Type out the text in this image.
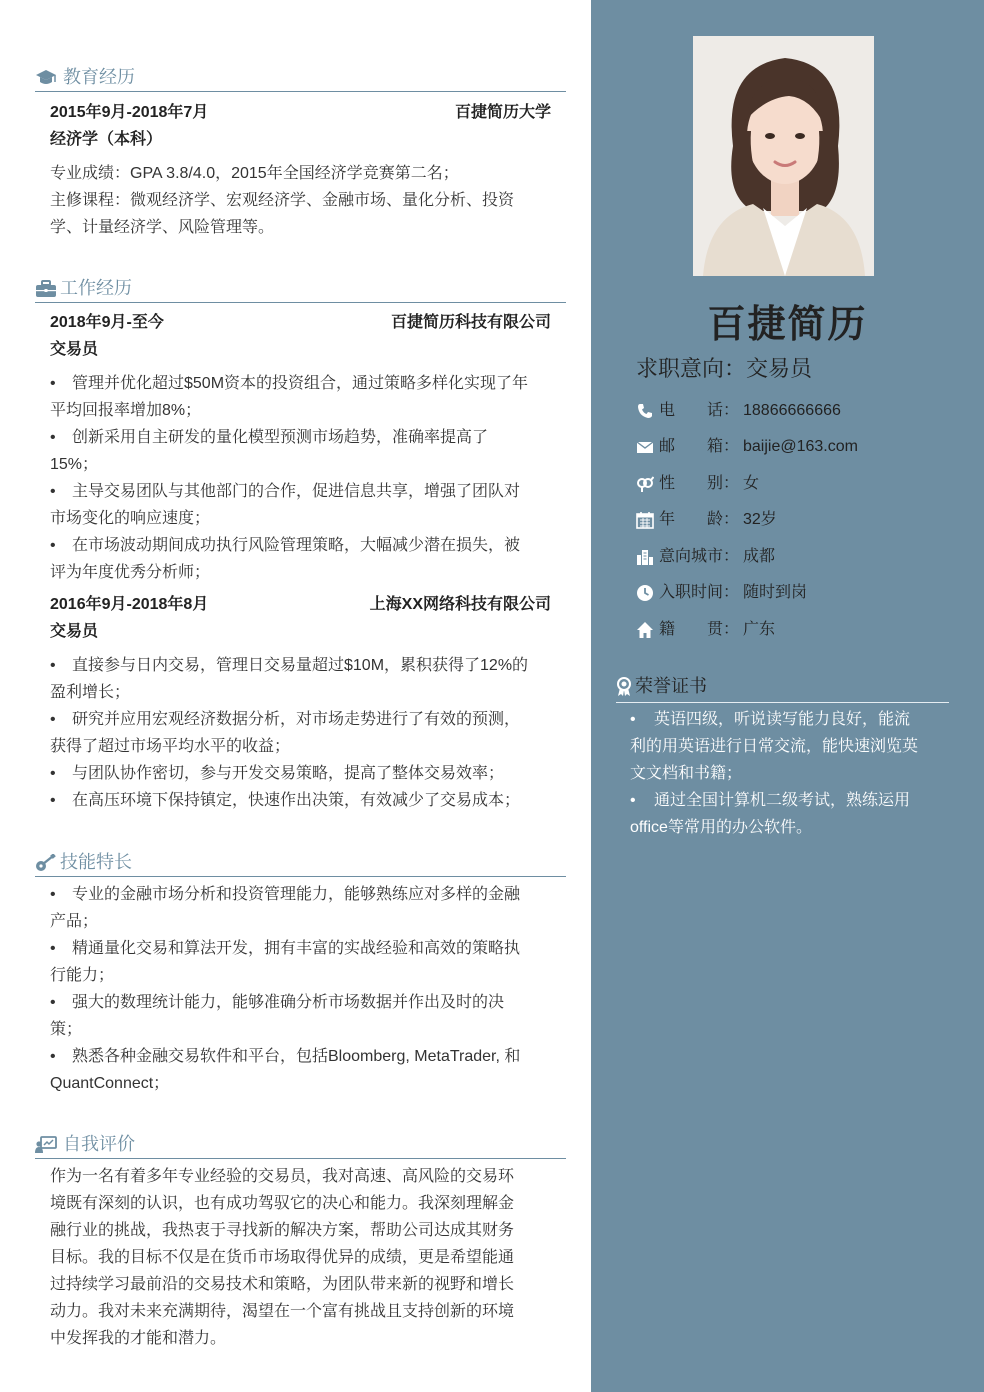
教育经历
2015年9月-2018年7月	百捷简历大学
经济学（本科）
专业成绩：GPA 3.8/4.0，2015年全国经济学竞赛第二名；
主修课程：微观经济学、宏观经济学、金融市场、量化分析、投资
学、计量经济学、风险管理等。
工作经历
2018年9月-至今	百捷简历科技有限公司
交易员
• 管理并优化超过$50M资本的投资组合，通过策略多样化实现了年
平均回报率增加8%；
• 创新采用自主研发的量化模型预测市场趋势，准确率提高了
15%；
• 主导交易团队与其他部门的合作，促进信息共享，增强了团队对
市场变化的响应速度；
• 在市场波动期间成功执行风险管理策略，大幅减少潜在损失，被
评为年度优秀分析师；
2016年9月-2018年8月	上海XX网络科技有限公司
交易员
• 直接参与日内交易，管理日交易量超过$10M，累积获得了12%的
盈利增长；
• 研究并应用宏观经济数据分析，对市场走势进行了有效的预测，
获得了超过市场平均水平的收益；
• 与团队协作密切，参与开发交易策略，提高了整体交易效率；
• 在高压环境下保持镇定，快速作出决策，有效减少了交易成本；
技能特长
• 专业的金融市场分析和投资管理能力，能够熟练应对多样的金融
产品；
• 精通量化交易和算法开发，拥有丰富的实战经验和高效的策略执
行能力；
• 强大的数理统计能力，能够准确分析市场数据并作出及时的决
策；
• 熟悉各种金融交易软件和平台，包括Bloomberg, MetaTrader, 和
QuantConnect；
自我评价
作为一名有着多年专业经验的交易员，我对高速、高风险的交易环
境既有深刻的认识，也有成功驾驭它的决心和能力。我深刻理解金
融行业的挑战，我热衷于寻找新的解决方案，帮助公司达成其财务
目标。我的目标不仅是在货币市场取得优异的成绩，更是希望能通
过持续学习最前沿的交易技术和策略，为团队带来新的视野和增长
动力。我对未来充满期待，渴望在一个富有挑战且支持创新的环境
中发挥我的才能和潜力。
百捷简历
求职意向：交易员
电　　话： 18866666666
邮　　箱： baijie@163.com
性　　别： 女
年　　龄： 32岁
意向城市： 成都
入职时间： 随时到岗
籍　　贯： 广东
荣誉证书
• 英语四级，听说读写能力良好，能流
利的用英语进行日常交流，能快速浏览英
文文档和书籍；
• 通过全国计算机二级考试，熟练运用
office等常用的办公软件。
